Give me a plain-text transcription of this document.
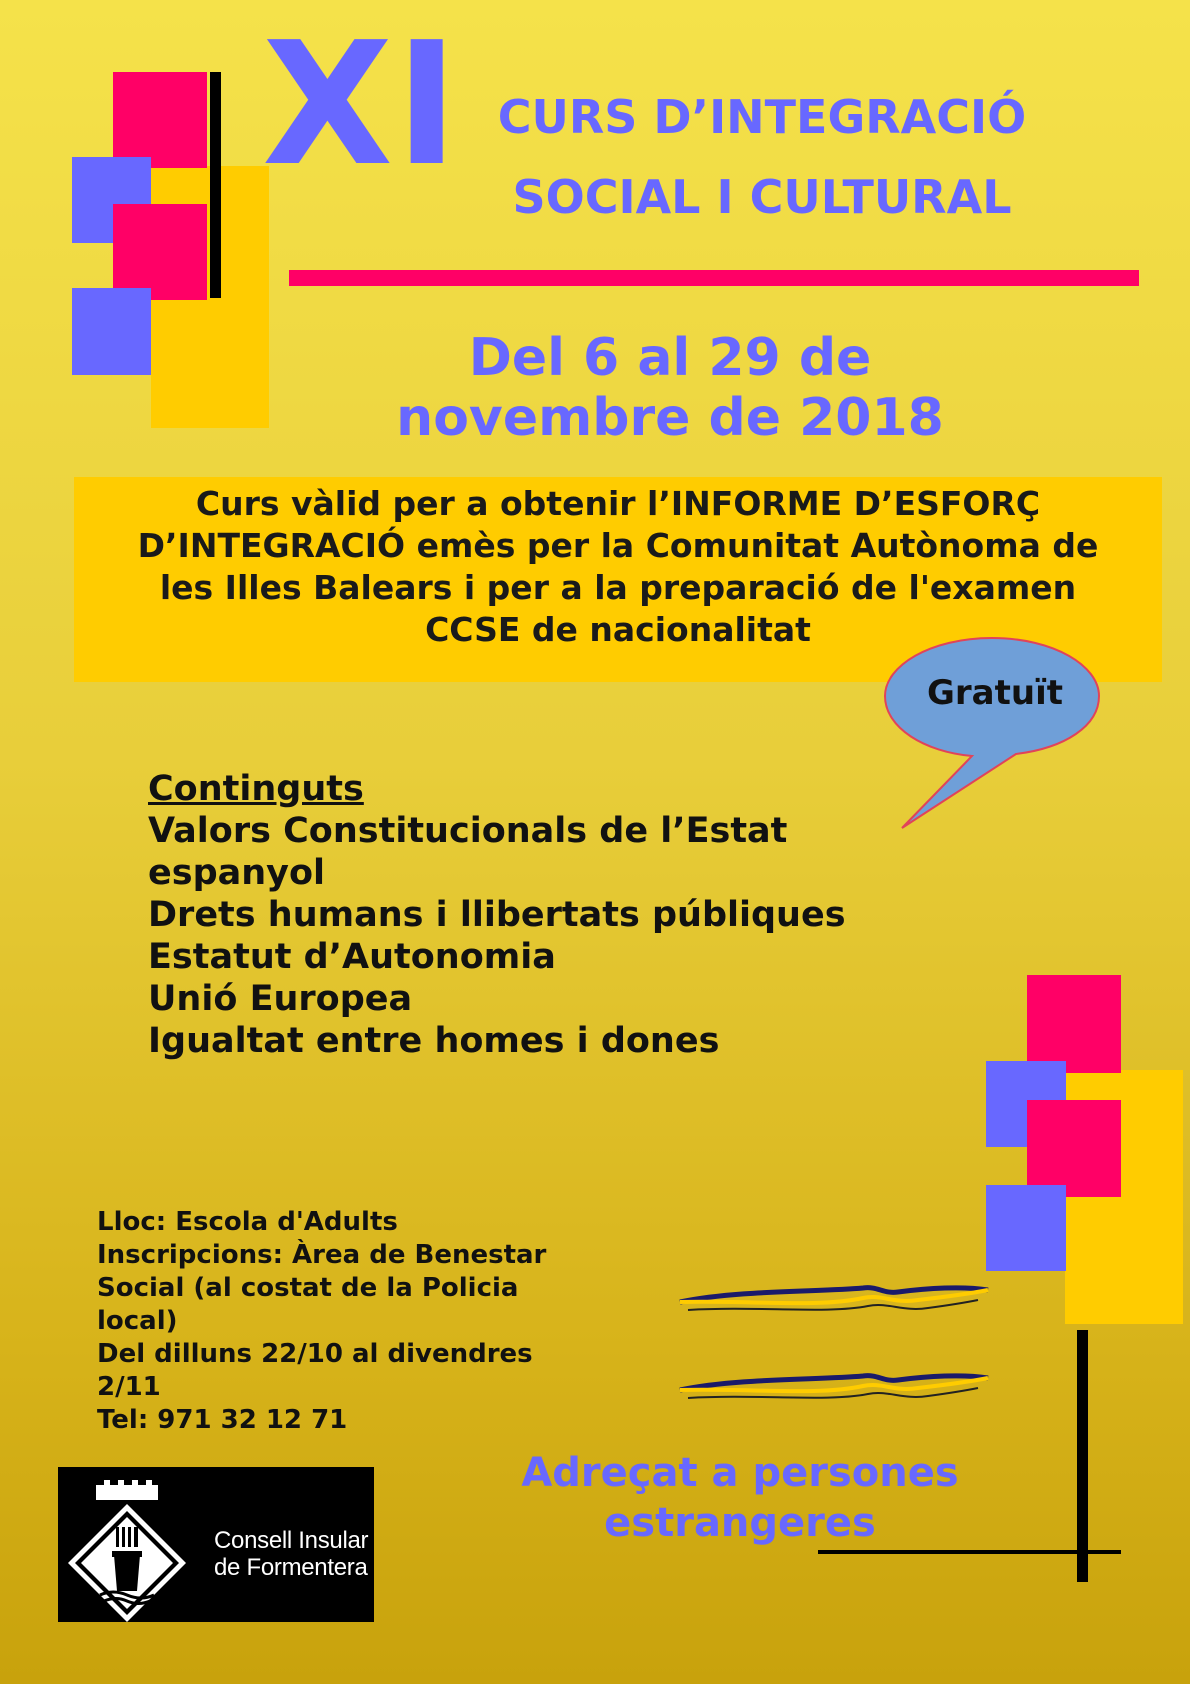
XI CURS D’INTEGRACIÓ
SOCIAL I CULTURAL
Del 6 al 29 de
novembre de 2018

Curs vàlid per a obtenir l’INFORME D’ESFORÇ

D’INTEGRACIÓ emès per la Comunitat Autònoma de

les Illes Balears i per a la preparació de l'examen

CCSE de nacionalitat

Gratuït
Continguts
Valors Constitucionals de l’Estat
espanyol
Drets humans i llibertats públiques
Estatut d’Autonomia
Unió Europea
Igualtat entre homes i dones
Lloc: Escola d'Adults
Inscripcions: Àrea de Benestar
Social (al costat de la Policia
local)
Del dilluns 22/10 al divendres
2/11
Tel: 971 32 12 71
Adreçat a persones
estrangeres
Consell Insular
de Formentera
